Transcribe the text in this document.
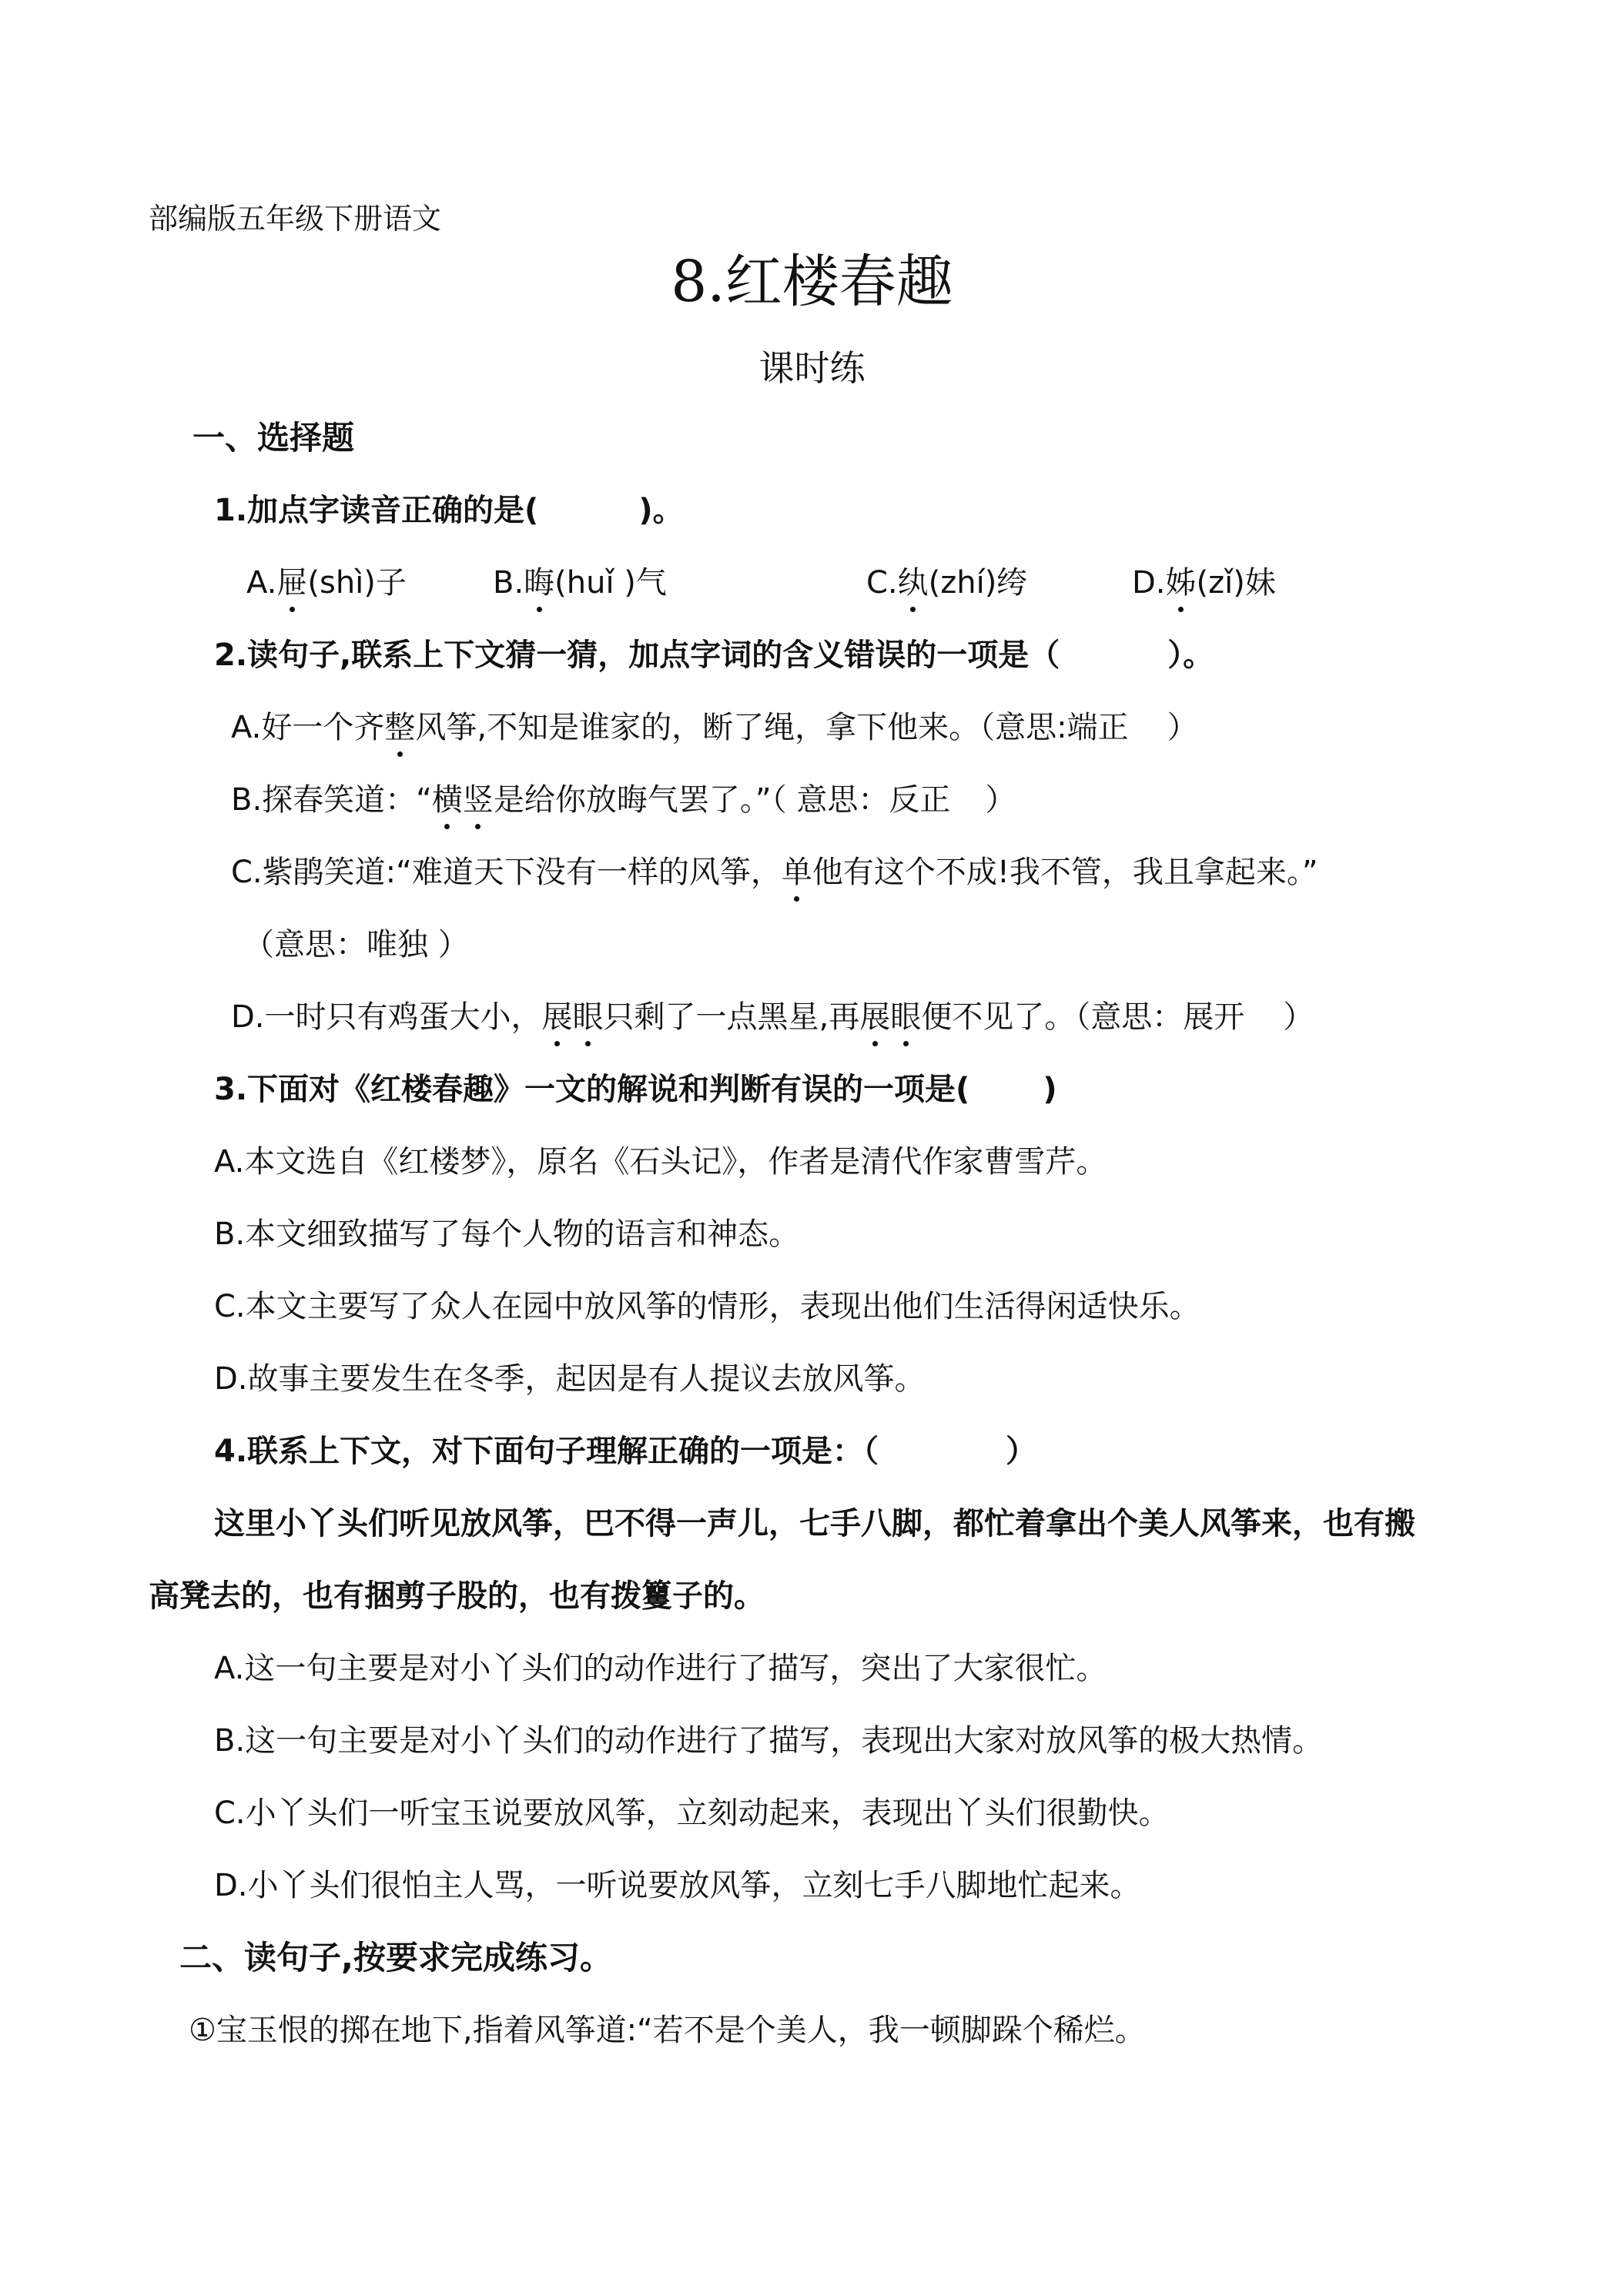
部编版五年级下册语文
8.红楼春趣
课时练
一、选择题
1.加点字读音正确的是(	)。
A.屉(shì)子	B.晦(huǐ )气	C.纨(zhí)绔	D.姊(zǐ)妹
2.读句子,联系上下文猜一猜，加点字词的含义错误的一项是（	）。
A.好一个齐整风筝,不知是谁家的，断了绳，拿下他来。（意思:端正 ）
B.探春笑道：“横竖是给你放晦气罢了。”（ 意思：反正 ）
C.紫鹃笑道:“难道天下没有一样的风筝，单他有这个不成!我不管，我且拿起来。”
（意思：唯独 ）
D.一时只有鸡蛋大小，展眼只剩了一点黑星,再展眼便不见了。（意思：展开 ）
3.下面对《红楼春趣》一文的解说和判断有误的一项是( )
A.本文选自《红楼梦》，原名《石头记》，作者是清代作家曹雪芹。
B.本文细致描写了每个人物的语言和神态。
C.本文主要写了众人在园中放风筝的情形，表现出他们生活得闲适快乐。
D.故事主要发生在冬季，起因是有人提议去放风筝。
4.联系上下文，对下面句子理解正确的一项是：（	）
这里小丫头们听见放风筝，巴不得一声儿，七手八脚，都忙着拿出个美人风筝来，也有搬
高凳去的，也有捆剪子股的，也有拨籰子的。
A.这一句主要是对小丫头们的动作进行了描写，突出了大家很忙。
B.这一句主要是对小丫头们的动作进行了描写，表现出大家对放风筝的极大热情。
C.小丫头们一听宝玉说要放风筝，立刻动起来，表现出丫头们很勤快。
D.小丫头们很怕主人骂，一听说要放风筝，立刻七手八脚地忙起来。
二、读句子,按要求完成练习。
①宝玉恨的掷在地下,指着风筝道:“若不是个美人，我一顿脚跺个稀烂。
